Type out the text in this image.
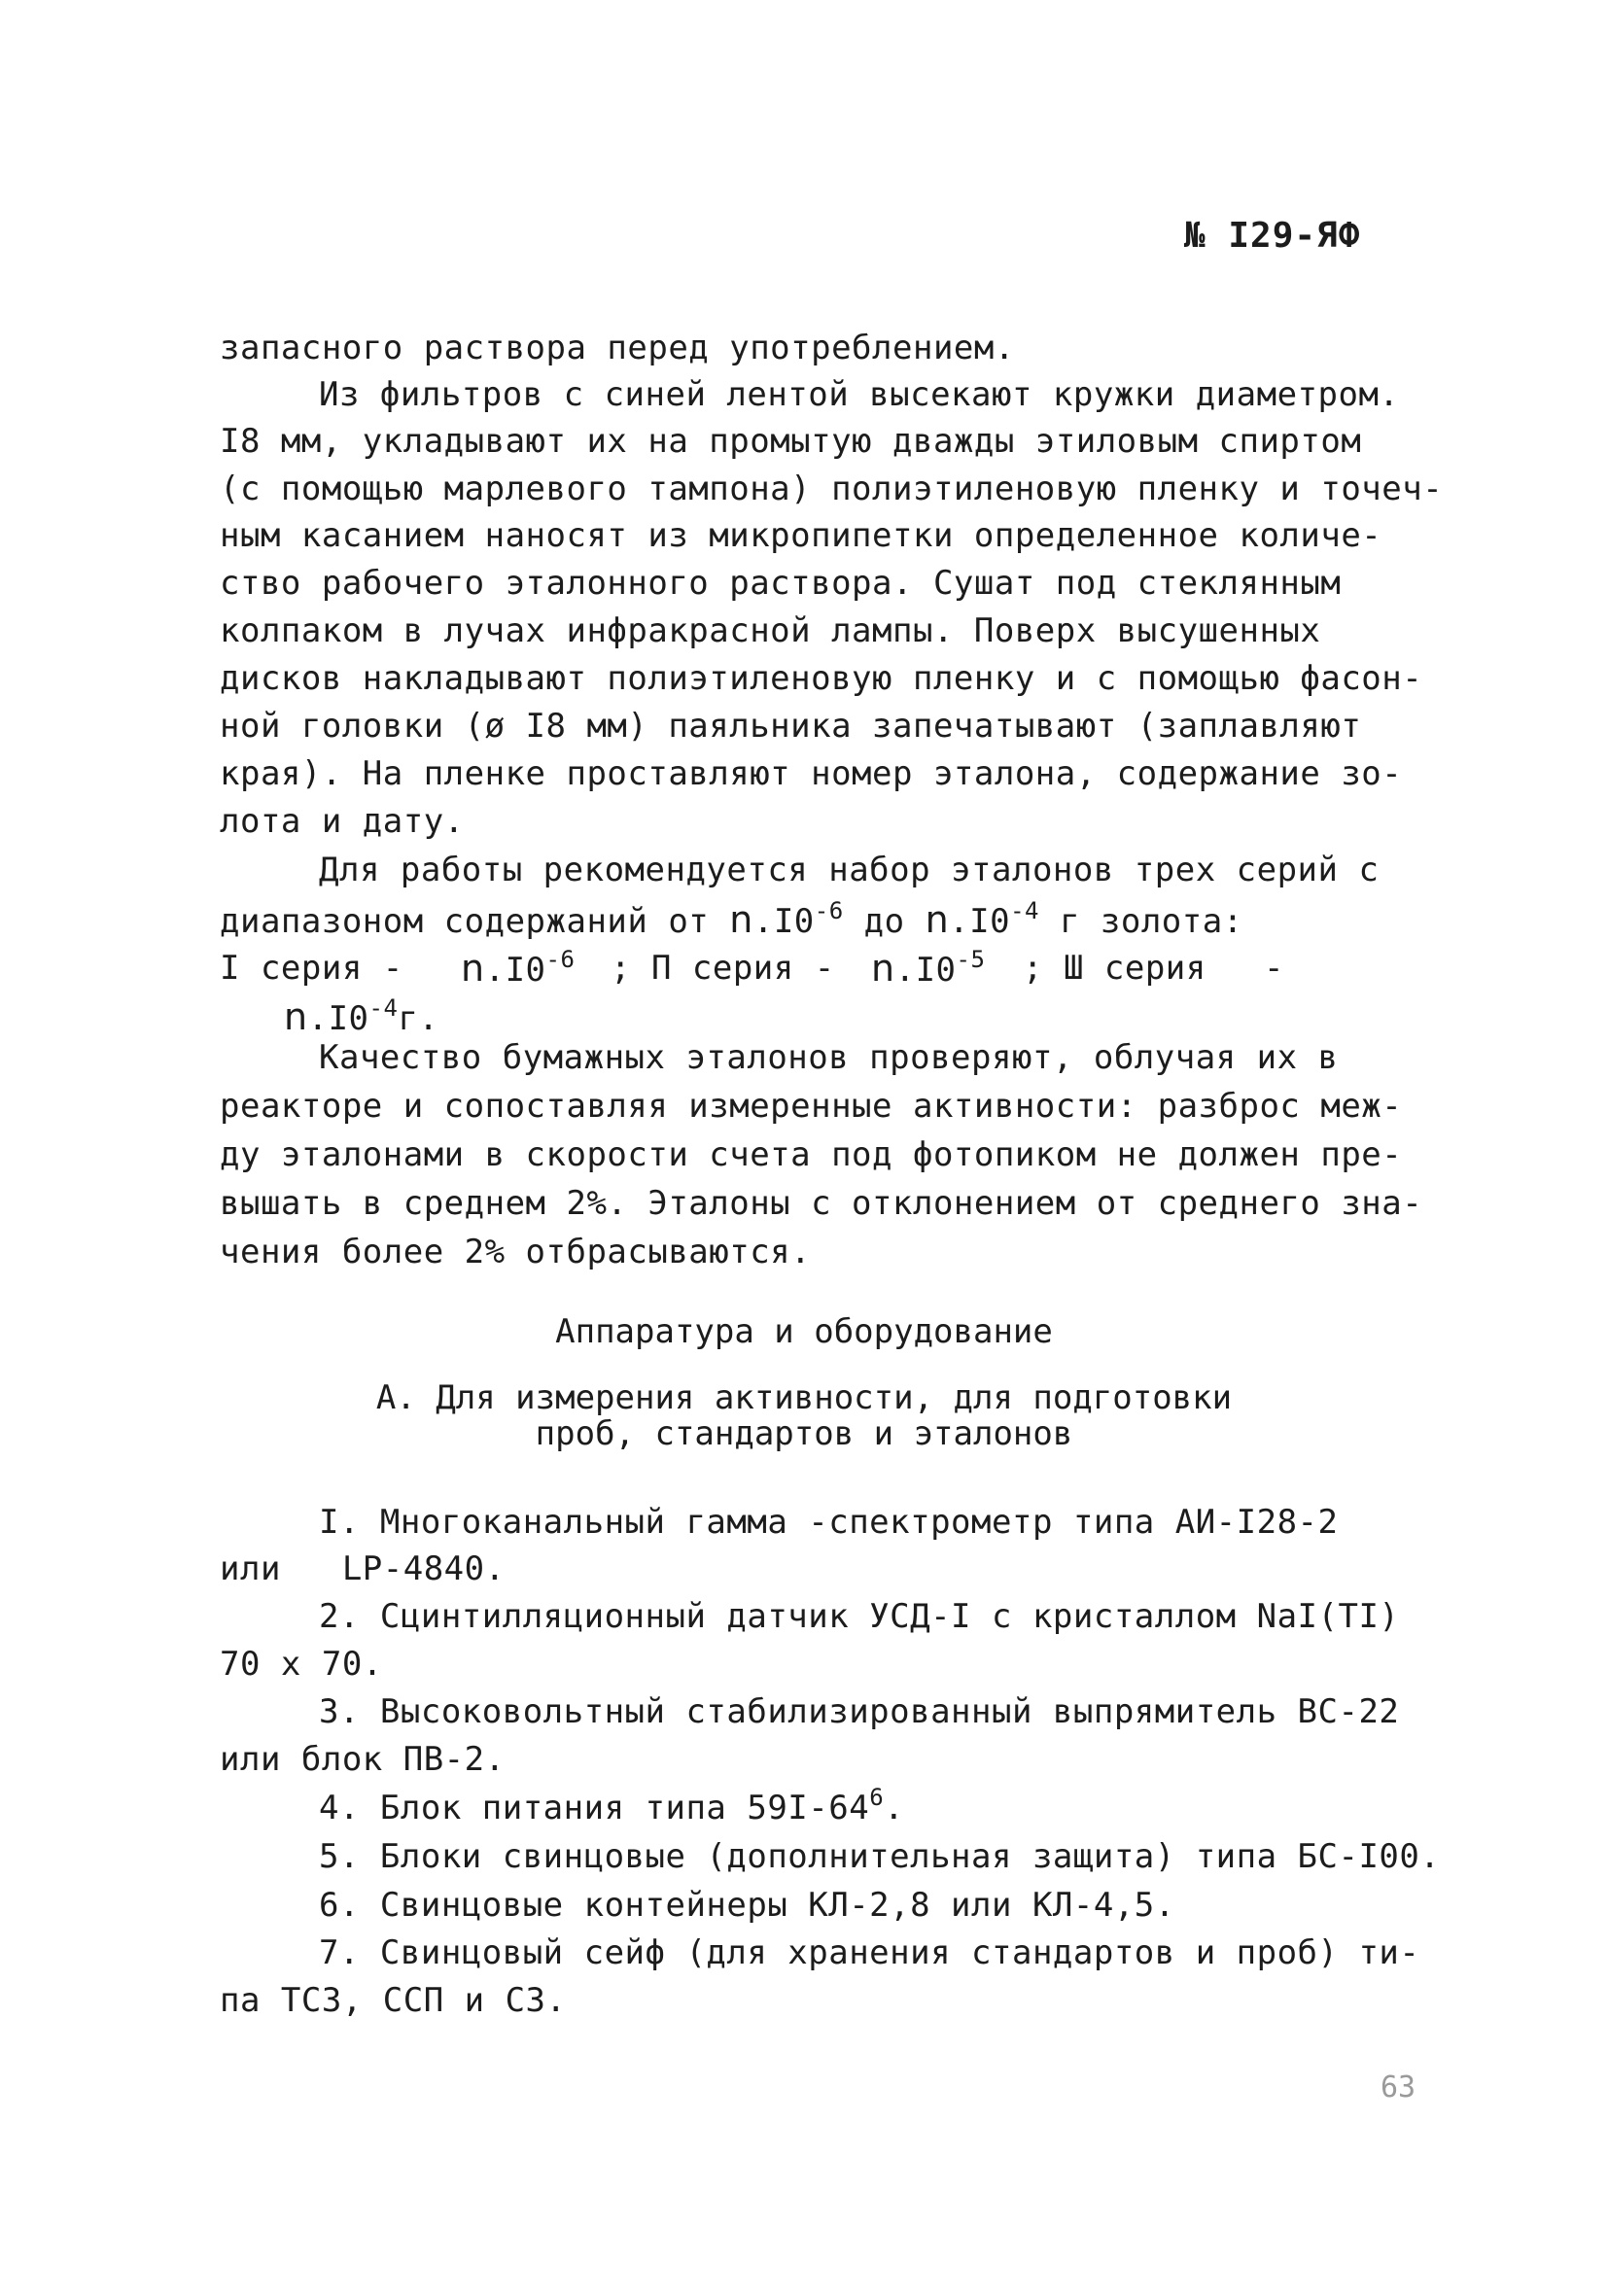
№ I29-ЯФ
запасного раствора перед употреблением.
Из фильтров с синей лентой высекают кружки диаметром.
I8 мм, укладывают их на промытую дважды этиловым спиртом
(с помощью марлевого тампона) полиэтиленовую пленку и точеч-
ным касанием наносят из микропипетки определенное количе-
ство рабочего эталонного раствора. Сушат под стеклянным
колпаком в лучах инфракрасной лампы. Поверх высушенных
дисков накладывают полиэтиленовую пленку и с помощью фасон-
ной головки (ø I8 мм) паяльника запечатывают (заплавляют
края). На пленке проставляют номер эталона, содержание зо-
лота и дату.
Для работы рекомендуется набор эталонов трех серий с
диапазоном содержаний от $n.I0^{-6}$ до $n.I0^{-4}$ г золота:
I серия - $n.I0^{-6}$ ; П серия - $n.I0^{-5}$ ; Ш серия -
$n.I0^{-4}г$.
Качество бумажных эталонов проверяют, облучая их в
реакторе и сопоставляя измеренные активности: разброс меж-
ду эталонами в скорости счета под фотопиком не должен пре-
вышать в среднем 2%. Эталоны с отклонением от среднего зна-
чения более 2% отбрасываются.
Аппаратура и оборудование
А. Для измерения активности, для подготовки
проб, стандартов и эталонов
I. Многоканальный гамма -спектрометр типа АИ-I28-2
или   LP-4840.
2. Сцинтилляционный датчик УСД-I с кристаллом NaI(TI)
70 x 70.
3. Высоковольтный стабилизированный выпрямитель ВС-22
или блок ПВ-2.
4. Блок питания типа $59I-64^6$.
5. Блоки свинцовые (дополнительная защита) типа БС-I00.
6. Свинцовые контейнеры КЛ-2,8 или КЛ-4,5.
7. Свинцовый сейф (для хранения стандартов и проб) ти-
па ТСЗ, ССП и СЗ.
63
